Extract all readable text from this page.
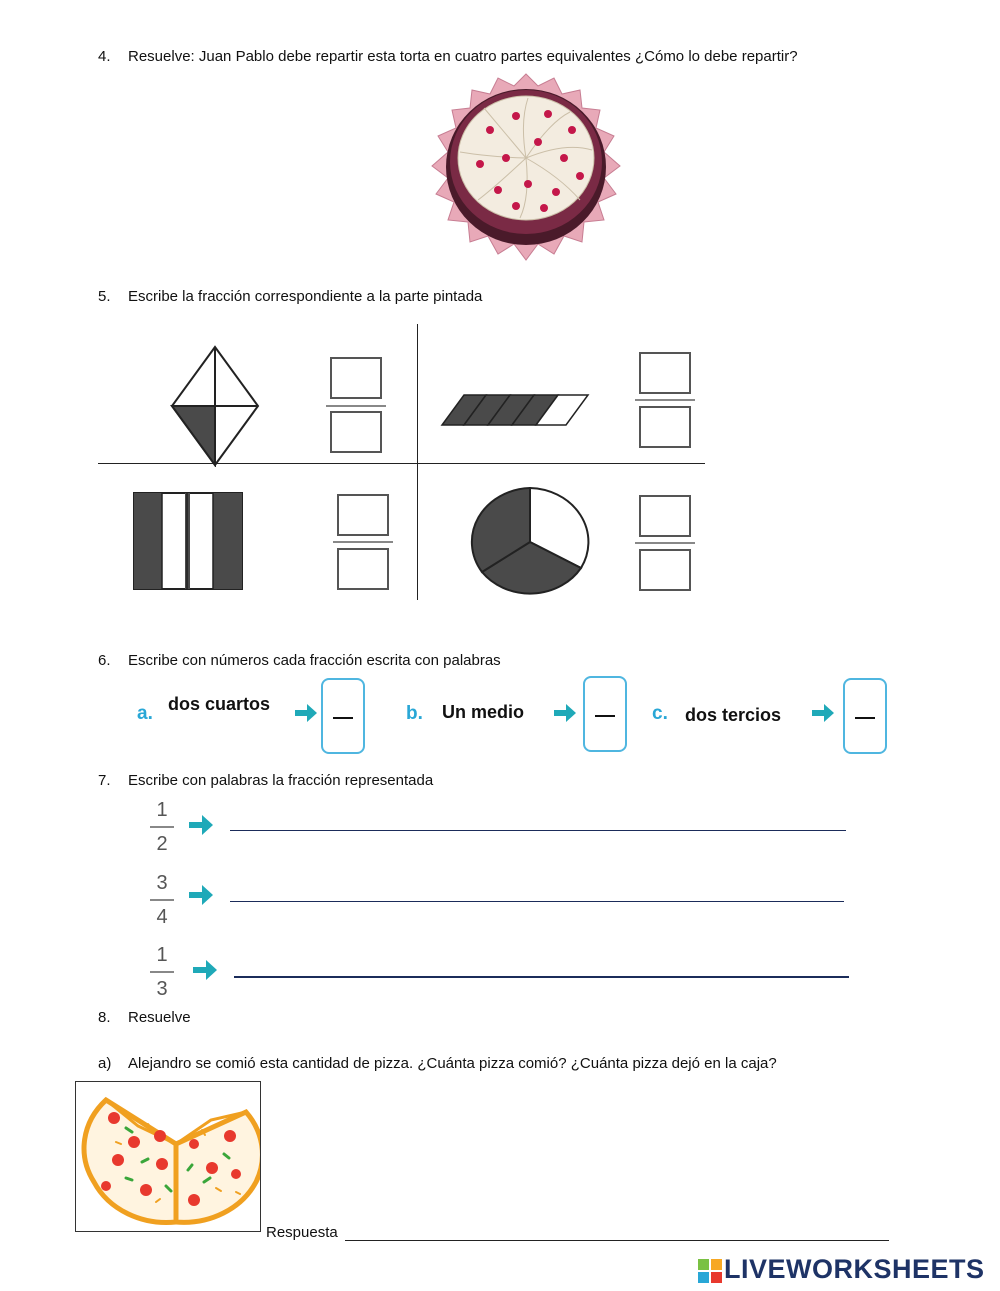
4. Resuelve: Juan Pablo debe repartir esta torta en cuatro partes equivalentes ¿Cómo lo debe repartir?
5. Escribe la fracción correspondiente a la parte pintada
6. Escribe con números cada fracción escrita con palabras
a. dos cuartos	b. Un medio	c. dos tercios
7. Escribe con palabras la fracción representada
1
2
3
4
1
3
8. Resuelve
a) Alejandro se comió esta cantidad de pizza. ¿Cuánta pizza comió? ¿Cuánta pizza dejó en la caja?
Respuesta
LIVEWORKSHEETS
